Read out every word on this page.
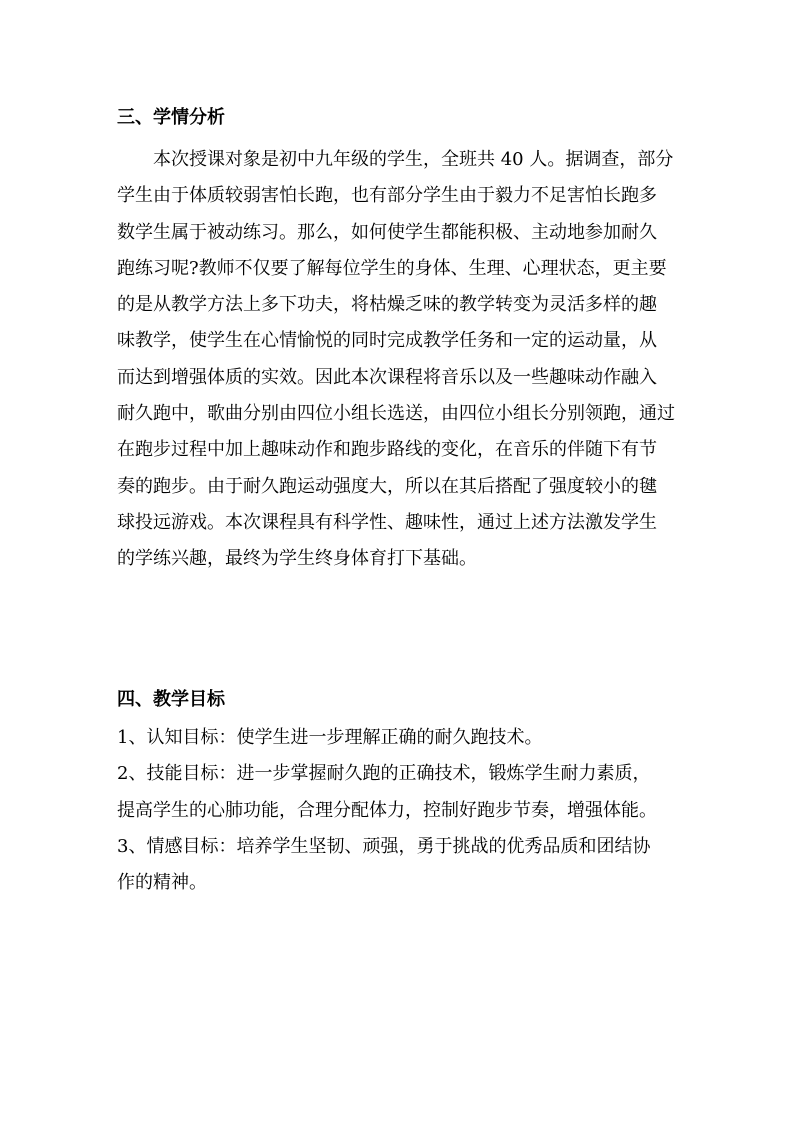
三、学情分析
本次授课对象是初中九年级的学生，全班共 40 人。据调查，部分
学生由于体质较弱害怕长跑，也有部分学生由于毅力不足害怕长跑多
数学生属于被动练习。那么，如何使学生都能积极、主动地参加耐久
跑练习呢?教师不仅要了解每位学生的身体、生理、心理状态，更主要
的是从教学方法上多下功夫，将枯燥乏味的教学转变为灵活多样的趣
味教学，使学生在心情愉悦的同时完成教学任务和一定的运动量，从
而达到增强体质的实效。因此本次课程将音乐以及一些趣味动作融入
耐久跑中，歌曲分别由四位小组长选送，由四位小组长分别领跑，通过
在跑步过程中加上趣味动作和跑步路线的变化，在音乐的伴随下有节
奏的跑步。由于耐久跑运动强度大，所以在其后搭配了强度较小的毽
球投远游戏。本次课程具有科学性、趣味性，通过上述方法激发学生
的学练兴趣，最终为学生终身体育打下基础。
四、教学目标
1、认知目标：使学生进一步理解正确的耐久跑技术。
2、技能目标：进一步掌握耐久跑的正确技术，锻炼学生耐力素质，
提高学生的心肺功能，合理分配体力，控制好跑步节奏，增强体能。
3、情感目标：培养学生坚韧、顽强，勇于挑战的优秀品质和团结协
作的精神。
